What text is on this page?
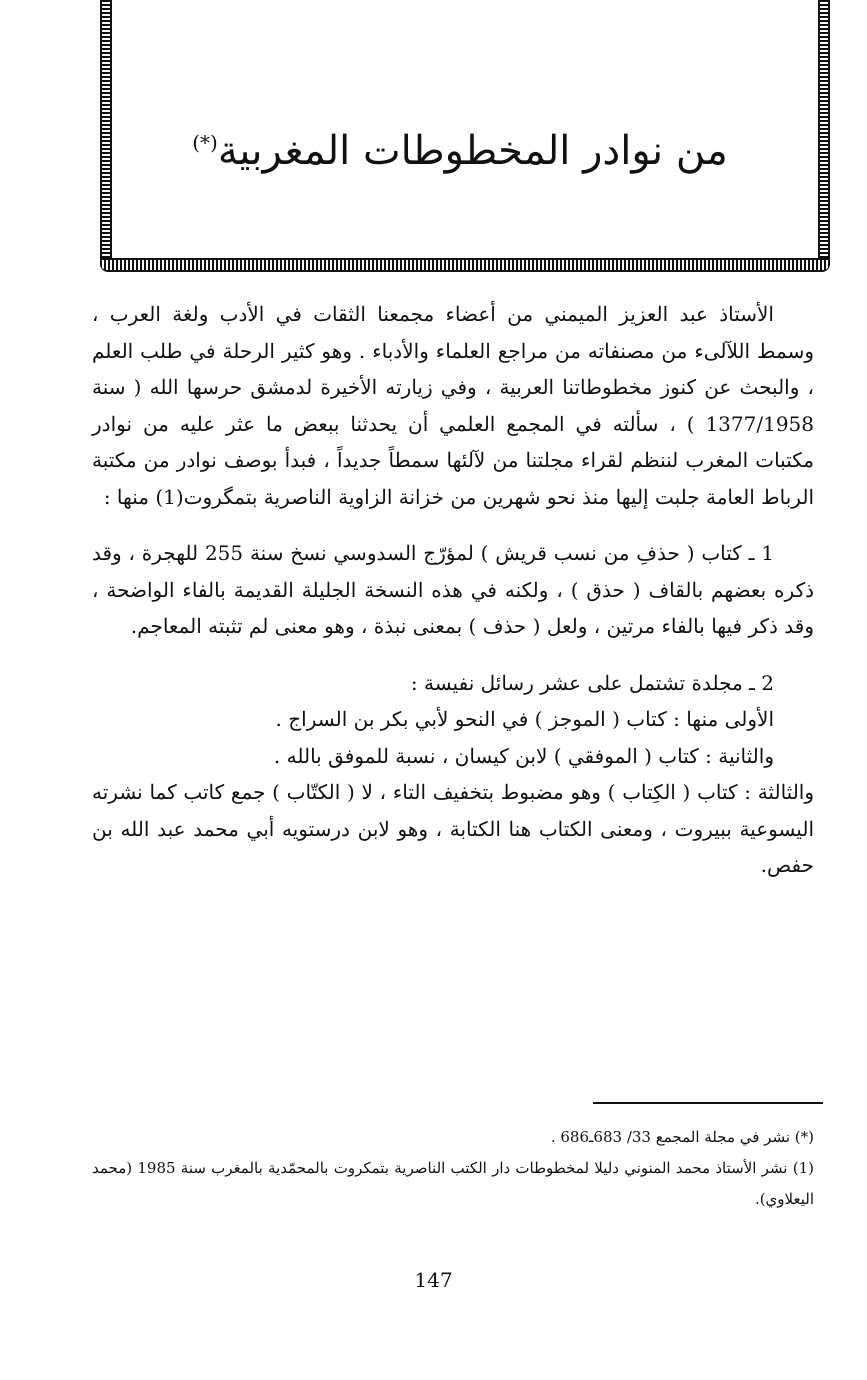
من نوادر المخطوطات المغربية(*)

الأستاذ عبد العزيز الميمني من أعضاء مجمعنا الثقات في الأدب ولغة العرب ، وسمط اللآلىء من مصنفاته من مراجع العلماء والأدباء . وهو كثير الرحلة في طلب العلم ، والبحث عن كنوز مخطوطاتنا العربية ، وفي زيارته الأخيرة لدمشق حرسها الله ( سنة 1377/1958 ) ، سألته في المجمع العلمي أن يحدثنا ببعض ما عثر عليه من نوادر مكتبات المغرب لننظم لقراء مجلتنا من لآلئها سمطاً جديداً ، فبدأ بوصف نوادر من مكتبة الرباط العامة جلبت إليها منذ نحو شهرين من خزانة الزاوية الناصرية بتمگروت(1) منها :

1 ـ كتاب ( حذفِ من نسب قريش ) لمؤرّج السدوسي نسخ سنة 255 للهجرة ، وقد ذكره بعضهم بالقاف ( حذق ) ، ولكنه في هذه النسخة الجليلة القديمة بالفاء الواضحة ، وقد ذكر فيها بالفاء مرتين ، ولعل ( حذف ) بمعنى نبذة ، وهو معنى لم تثبته المعاجم.

2 ـ مجلدة تشتمل على عشر رسائل نفيسة :

الأولى منها : كتاب ( الموجز ) في النحو لأبي بكر بن السراج .

والثانية : كتاب ( الموفقي ) لابن كيسان ، نسبة للموفق بالله .

والثالثة : كتاب ( الكِتاب ) وهو مضبوط بتخفيف التاء ، لا ( الكتّاب ) جمع كاتب كما نشرته اليسوعية ببيروت ، ومعنى الكتاب هنا الكتابة ، وهو لابن درستويه أبي محمد عبد الله بن حفص.

(*) نشر في مجلة المجمع 33/ 683ـ686 .

(1) نشر الأستاذ محمد المنوني دليلا لمخطوطات دار الكتب الناصرية بتمكروت بالمحمّدية بالمغرب سنة 1985 (محمد اليعلاوي).

147
